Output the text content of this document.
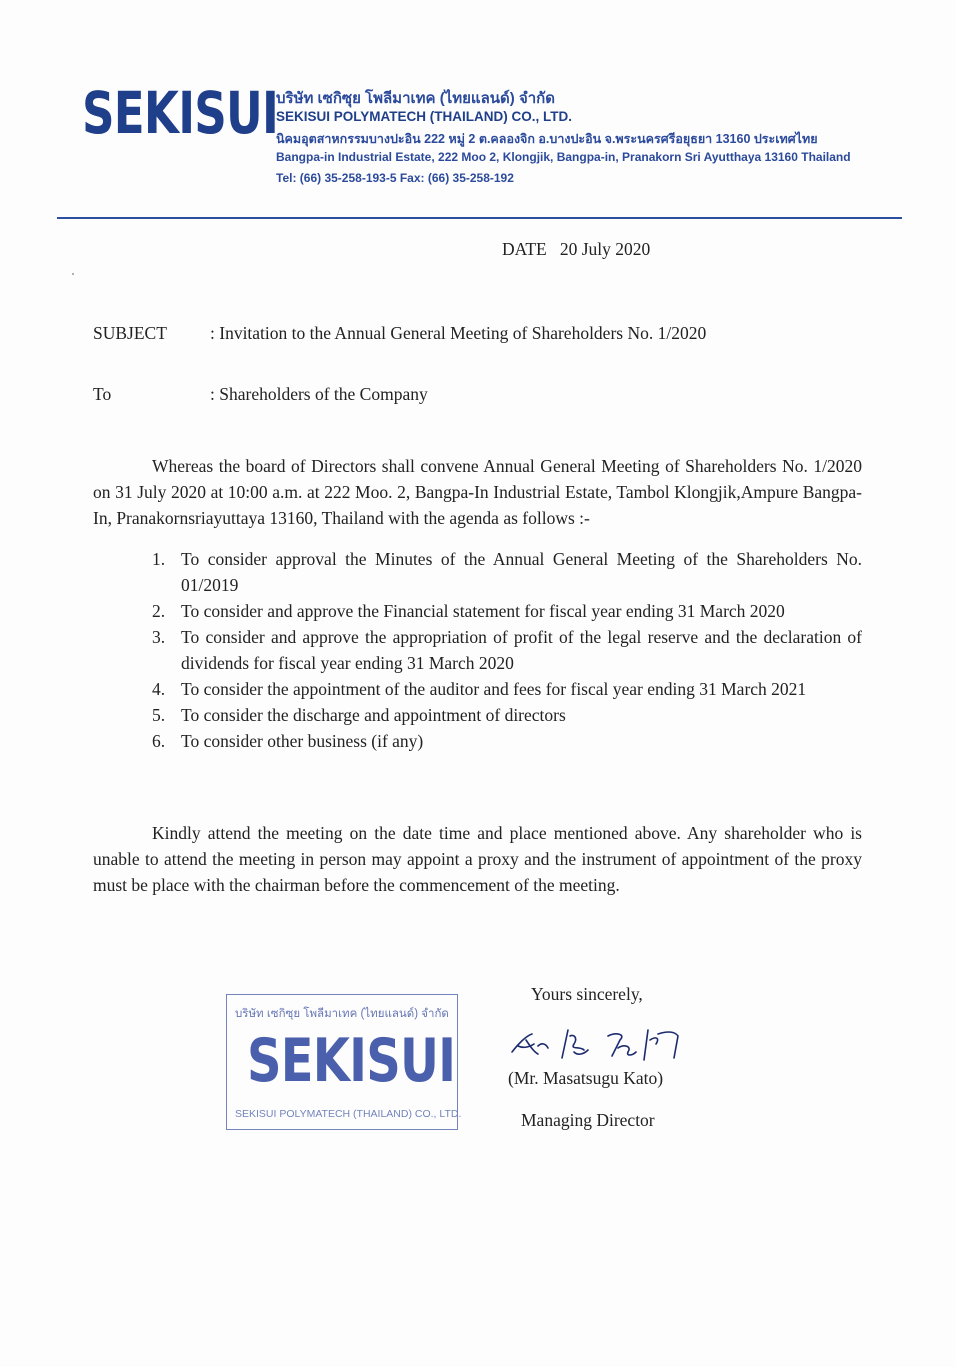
SEKISUI
บริษัท เซกิซุย โพลีมาเทค (ไทยแลนด์) จำกัด
SEKISUI POLYMATECH (THAILAND) CO., LTD.
นิคมอุตสาหกรรมบางปะอิน 222 หมู่ 2 ต.คลองจิก อ.บางปะอิน จ.พระนครศรีอยุธยา 13160 ประเทศไทย
Bangpa-in Industrial Estate, 222 Moo 2, Klongjik, Bangpa-in, Pranakorn Sri Ayutthaya 13160 Thailand
Tel: (66) 35-258-193-5 Fax: (66) 35-258-192
DATE 20 July 2020
SUBJECT : Invitation to the Annual General Meeting of Shareholders No. 1/2020
To	: Shareholders of the Company
Whereas the board of Directors shall convene Annual General Meeting of Shareholders No. 1/2020 on 31 July 2020 at 10:00 a.m. at 222 Moo. 2, Bangpa-In Industrial Estate, Tambol Klongjik,Ampure Bangpa-In, Pranakornsriayuttaya 13160, Thailand with the agenda as follows :-
1. To consider approval the Minutes of the Annual General Meeting of the Shareholders No. 01/2019
2. To consider and approve the Financial statement for fiscal year ending 31 March 2020
3. To consider and approve the appropriation of profit of the legal reserve and the declaration of dividends for fiscal year ending 31 March 2020
4. To consider the appointment of the auditor and fees for fiscal year ending 31 March 2021
5. To consider the discharge and appointment of directors
6. To consider other business (if any)
Kindly attend the meeting on the date time and place mentioned above. Any shareholder who is unable to attend the meeting in person may appoint a proxy and the instrument of appointment of the proxy must be place with the chairman before the commencement of the meeting.
บริษัท เซกิซุย โพลีมาเทค (ไทยแลนด์) จำกัด
SEKISUI
SEKISUI POLYMATECH (THAILAND) CO., LTD.
Yours sincerely,
(Mr. Masatsugu Kato)
Managing Director
